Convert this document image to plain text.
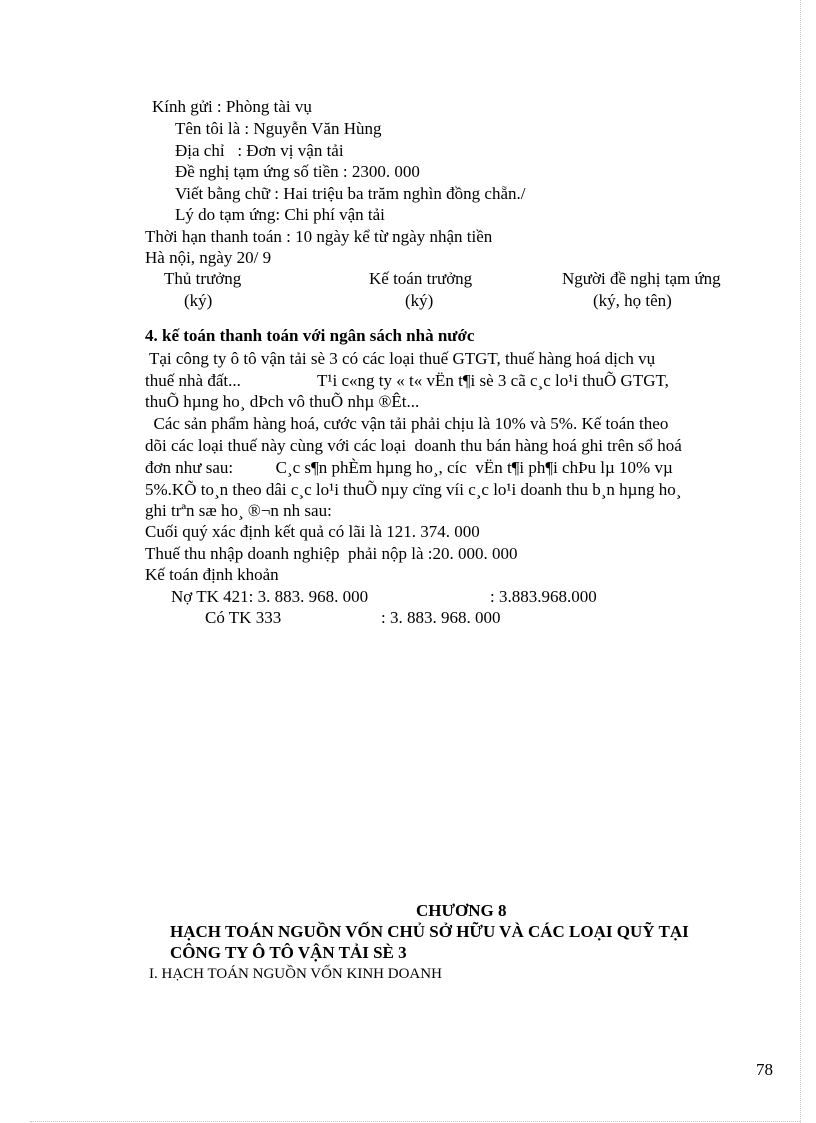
Kính gửi : Phòng tài vụ
Tên tôi là : Nguyễn Văn Hùng
Địa chỉ   : Đơn vị vận tải
Đề nghị tạm ứng số tiền : 2300. 000
Viết bằng chữ : Hai triệu ba trăm nghìn đồng chẵn./
Lý do tạm ứng: Chi phí vận tải
Thời hạn thanh toán : 10 ngày kể từ ngày nhận tiền
Hà nội, ngày 20/ 9
Thủ trưởng
(ký)
Kế toán trưởng
(ký)
Người đề nghị tạm ứng
(ký, họ tên)
4. kế toán thanh toán với ngân sách nhà nước
Tại công ty ô tô vận tải sè 3 có các loại thuế GTGT, thuế hàng hoá dịch vụ
thuế nhà đất...                  T¹i c«ng ty « t« vËn t¶i sè 3 cã c¸c lo¹i thuÕ GTGT,
thuÕ hµng ho¸ dÞch vô thuÕ nhµ ®Êt...
Các sản phẩm hàng hoá, cước vận tải phải chịu là 10% và 5%. Kế toán theo
dõi các loại thuế này cùng với các loại  doanh thu bán hàng hoá ghi trên sổ hoá
đơn như sau:          C¸c s¶n phÈm hµng ho¸, cíc  vËn t¶i ph¶i chÞu lµ 10% vµ
5%.KÕ to¸n theo dâi c¸c lo¹i thuÕ nµy cïng víi c¸c lo¹i doanh thu b¸n hµng ho¸
ghi trªn sæ ho¸ ®¬n nh sau:
Cuối quý xác định kết quả có lãi là 121. 374. 000
Thuế thu nhập doanh nghiệp  phải nộp là :20. 000. 000
Kế toán định khoản
Nợ TK 421: 3. 883. 968. 000	: 3.883.968.000
Có TK 333	: 3. 883. 968. 000
CHƯƠNG 8
HẠCH TOÁN NGUỒN VỐN CHỦ SỞ HỮU VÀ CÁC LOẠI QUỸ TẠI
CÔNG TY Ô TÔ VẬN TẢI SÈ 3
I. HẠCH TOÁN NGUỒN VỐN KINH DOANH
78
